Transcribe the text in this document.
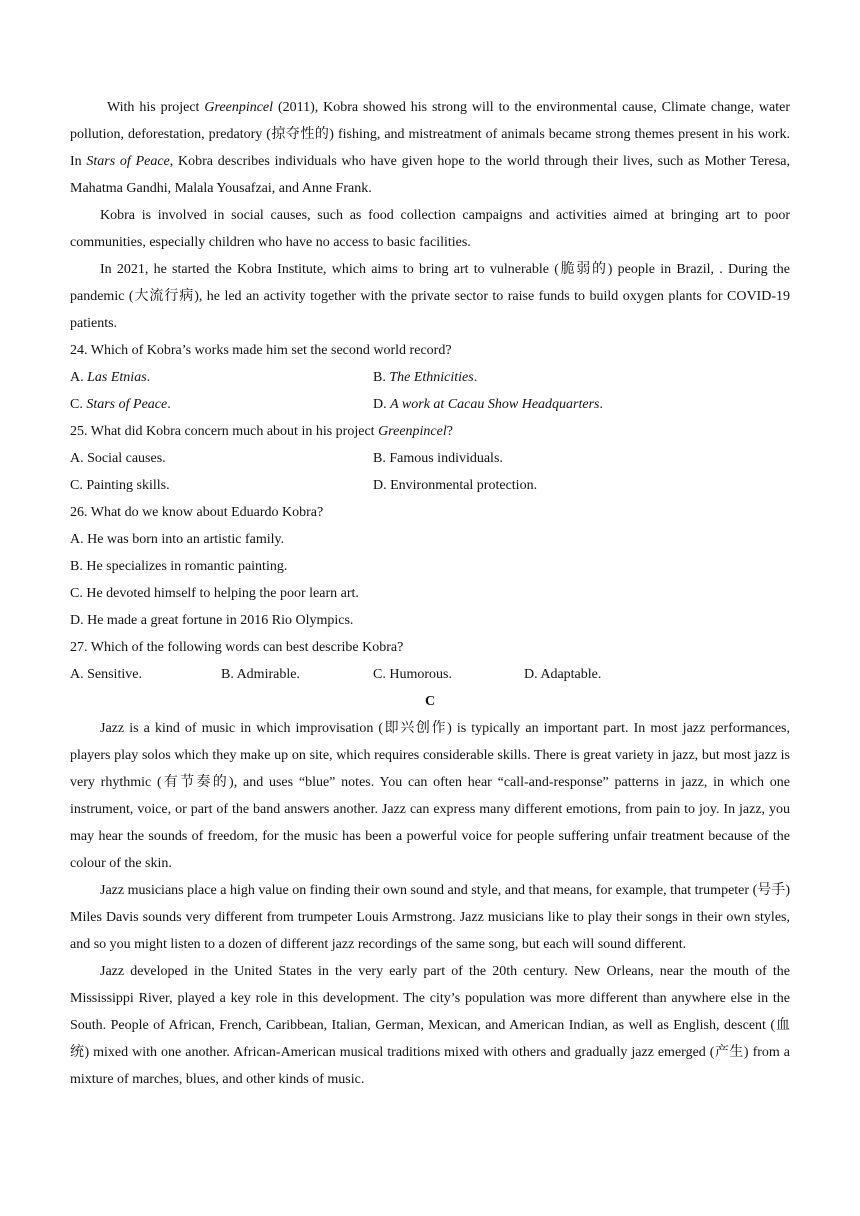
With his project Greenpincel (2011), Kobra showed his strong will to the environmental cause, Climate change, water pollution, deforestation, predatory (掠夺性的) fishing, and mistreatment of animals became strong themes present in his work. In Stars of Peace, Kobra describes individuals who have given hope to the world through their lives, such as Mother Teresa, Mahatma Gandhi, Malala Yousafzai, and Anne Frank.

Kobra is involved in social causes, such as food collection campaigns and activities aimed at bringing art to poor communities, especially children who have no access to basic facilities.

In 2021, he started the Kobra Institute, which aims to bring art to vulnerable (脆弱的) people in Brazil, . During the pandemic (大流行病), he led an activity together with the private sector to raise funds to build oxygen plants for COVID-19 patients.

24. Which of Kobra’s works made him set the second world record?

A. Las Etnias.	B. The Ethnicities.
C. Stars of Peace.	D. A work at Cacau Show Headquarters.

25. What did Kobra concern much about in his project Greenpincel?

A. Social causes.	B. Famous individuals.
C. Painting skills.	D. Environmental protection.

26. What do we know about Eduardo Kobra?

A. He was born into an artistic family.

B. He specializes in romantic painting.

C. He devoted himself to helping the poor learn art.

D. He made a great fortune in 2016 Rio Olympics.

27. Which of the following words can best describe Kobra?

A. Sensitive.	B. Admirable.	C. Humorous.	D. Adaptable.

C

Jazz is a kind of music in which improvisation (即兴创作) is typically an important part. In most jazz performances, players play solos which they make up on site, which requires considerable skills. There is great variety in jazz, but most jazz is very rhythmic (有节奏的), and uses “blue” notes. You can often hear “call-and-response” patterns in jazz, in which one instrument, voice, or part of the band answers another. Jazz can express many different emotions, from pain to joy. In jazz, you may hear the sounds of freedom, for the music has been a powerful voice for people suffering unfair treatment because of the colour of the skin.

Jazz musicians place a high value on finding their own sound and style, and that means, for example, that trumpeter (号手) Miles Davis sounds very different from trumpeter Louis Armstrong. Jazz musicians like to play their songs in their own styles, and so you might listen to a dozen of different jazz recordings of the same song, but each will sound different.

Jazz developed in the United States in the very early part of the 20th century. New Orleans, near the mouth of the Mississippi River, played a key role in this development. The city’s population was more different than anywhere else in the South. People of African, French, Caribbean, Italian, German, Mexican, and American Indian, as well as English, descent (血统) mixed with one another. African-American musical traditions mixed with others and gradually jazz emerged (产生) from a mixture of marches, blues, and other kinds of music.
